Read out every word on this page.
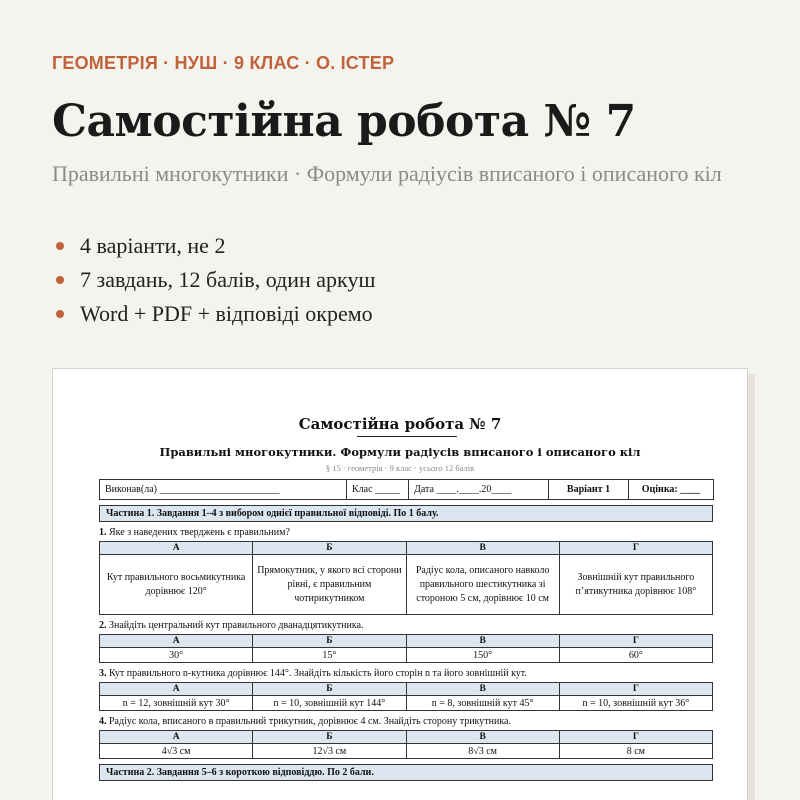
ГЕОМЕТРІЯ · НУШ · 9 КЛАС · О. ІСТЕР
Самостійна робота № 7
Правильні многокутники · Формули радіусів вписаного і описаного кіл
4 варіанти, не 2
7 завдань, 12 балів, один аркуш
Word + PDF + відповіді окремо
Самостійна робота № 7
Правильні многокутники. Формули радіусів вписаного і описаного кіл
§ 15 · геометрія · 9 клас · усього 12 балів
Виконав(ла) ________________________	Клас _____	Дата ____.____.20____	Варіант 1	Оцінка: ____
Частина 1. Завдання 1–4 з вибором однієї правильної відповіді. По 1 балу.
1. Яке з наведених тверджень є правильним?
А	Б	В	Г
Кут правильного восьмикутника дорівнює 120°	Прямокутник, у якого всі сторони рівні, є правильним чотирикутником	Радіус кола, описаного навколо правильного шестикутника зі стороною 5 см, дорівнює 10 см	Зовнішній кут правильного п’ятикутника дорівнює 108°
2. Знайдіть центральний кут правильного дванадцятикутника.
А	Б	В	Г
30°	15°	150°	60°
3. Кут правильного n-кутника дорівнює 144°. Знайдіть кількість його сторін n та його зовнішній кут.
А	Б	В	Г
n = 12, зовнішній кут 30°	n = 10, зовнішній кут 144°	n = 8, зовнішній кут 45°	n = 10, зовнішній кут 36°
4. Радіус кола, вписаного в правильний трикутник, дорівнює 4 см. Знайдіть сторону трикутника.
А	Б	В	Г
4√3 см	12√3 см	8√3 см	8 см
Частина 2. Завдання 5–6 з короткою відповіддю. По 2 бали.
